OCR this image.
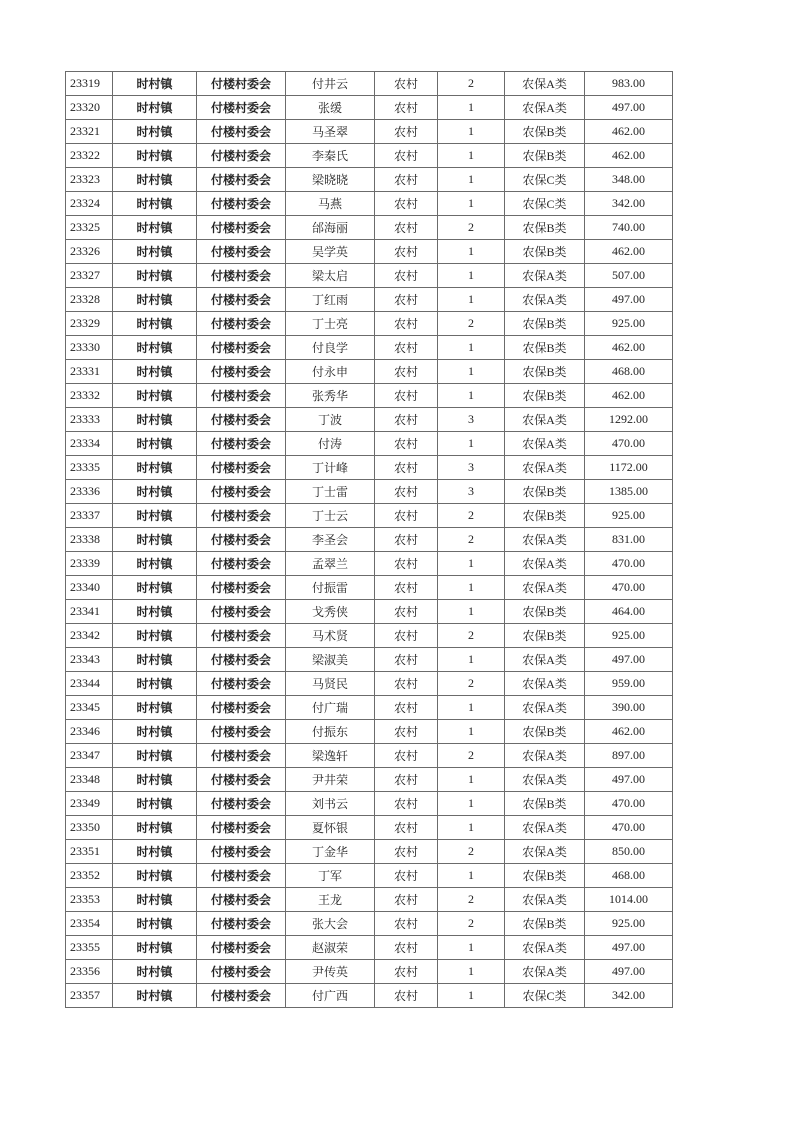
23319	时村镇	付楼村委会	付井云	农村	2	农保A类	983.00
23320	时村镇	付楼村委会	张缓	农村	1	农保A类	497.00
23321	时村镇	付楼村委会	马圣翠	农村	1	农保B类	462.00
23322	时村镇	付楼村委会	李秦氏	农村	1	农保B类	462.00
23323	时村镇	付楼村委会	梁晓晓	农村	1	农保C类	348.00
23324	时村镇	付楼村委会	马燕	农村	1	农保C类	342.00
23325	时村镇	付楼村委会	邰海丽	农村	2	农保B类	740.00
23326	时村镇	付楼村委会	吴学英	农村	1	农保B类	462.00
23327	时村镇	付楼村委会	梁太启	农村	1	农保A类	507.00
23328	时村镇	付楼村委会	丁红雨	农村	1	农保A类	497.00
23329	时村镇	付楼村委会	丁士亮	农村	2	农保B类	925.00
23330	时村镇	付楼村委会	付良学	农村	1	农保B类	462.00
23331	时村镇	付楼村委会	付永申	农村	1	农保B类	468.00
23332	时村镇	付楼村委会	张秀华	农村	1	农保B类	462.00
23333	时村镇	付楼村委会	丁波	农村	3	农保A类	1292.00
23334	时村镇	付楼村委会	付涛	农村	1	农保A类	470.00
23335	时村镇	付楼村委会	丁计峰	农村	3	农保A类	1172.00
23336	时村镇	付楼村委会	丁士雷	农村	3	农保B类	1385.00
23337	时村镇	付楼村委会	丁士云	农村	2	农保B类	925.00
23338	时村镇	付楼村委会	李圣会	农村	2	农保A类	831.00
23339	时村镇	付楼村委会	孟翠兰	农村	1	农保A类	470.00
23340	时村镇	付楼村委会	付振雷	农村	1	农保A类	470.00
23341	时村镇	付楼村委会	戈秀侠	农村	1	农保B类	464.00
23342	时村镇	付楼村委会	马术贤	农村	2	农保B类	925.00
23343	时村镇	付楼村委会	梁淑美	农村	1	农保A类	497.00
23344	时村镇	付楼村委会	马贤民	农村	2	农保A类	959.00
23345	时村镇	付楼村委会	付广瑞	农村	1	农保A类	390.00
23346	时村镇	付楼村委会	付振东	农村	1	农保B类	462.00
23347	时村镇	付楼村委会	梁逸轩	农村	2	农保A类	897.00
23348	时村镇	付楼村委会	尹井荣	农村	1	农保A类	497.00
23349	时村镇	付楼村委会	刘书云	农村	1	农保B类	470.00
23350	时村镇	付楼村委会	夏怀银	农村	1	农保A类	470.00
23351	时村镇	付楼村委会	丁金华	农村	2	农保A类	850.00
23352	时村镇	付楼村委会	丁军	农村	1	农保B类	468.00
23353	时村镇	付楼村委会	王龙	农村	2	农保A类	1014.00
23354	时村镇	付楼村委会	张大会	农村	2	农保B类	925.00
23355	时村镇	付楼村委会	赵淑荣	农村	1	农保A类	497.00
23356	时村镇	付楼村委会	尹传英	农村	1	农保A类	497.00
23357	时村镇	付楼村委会	付广西	农村	1	农保C类	342.00
